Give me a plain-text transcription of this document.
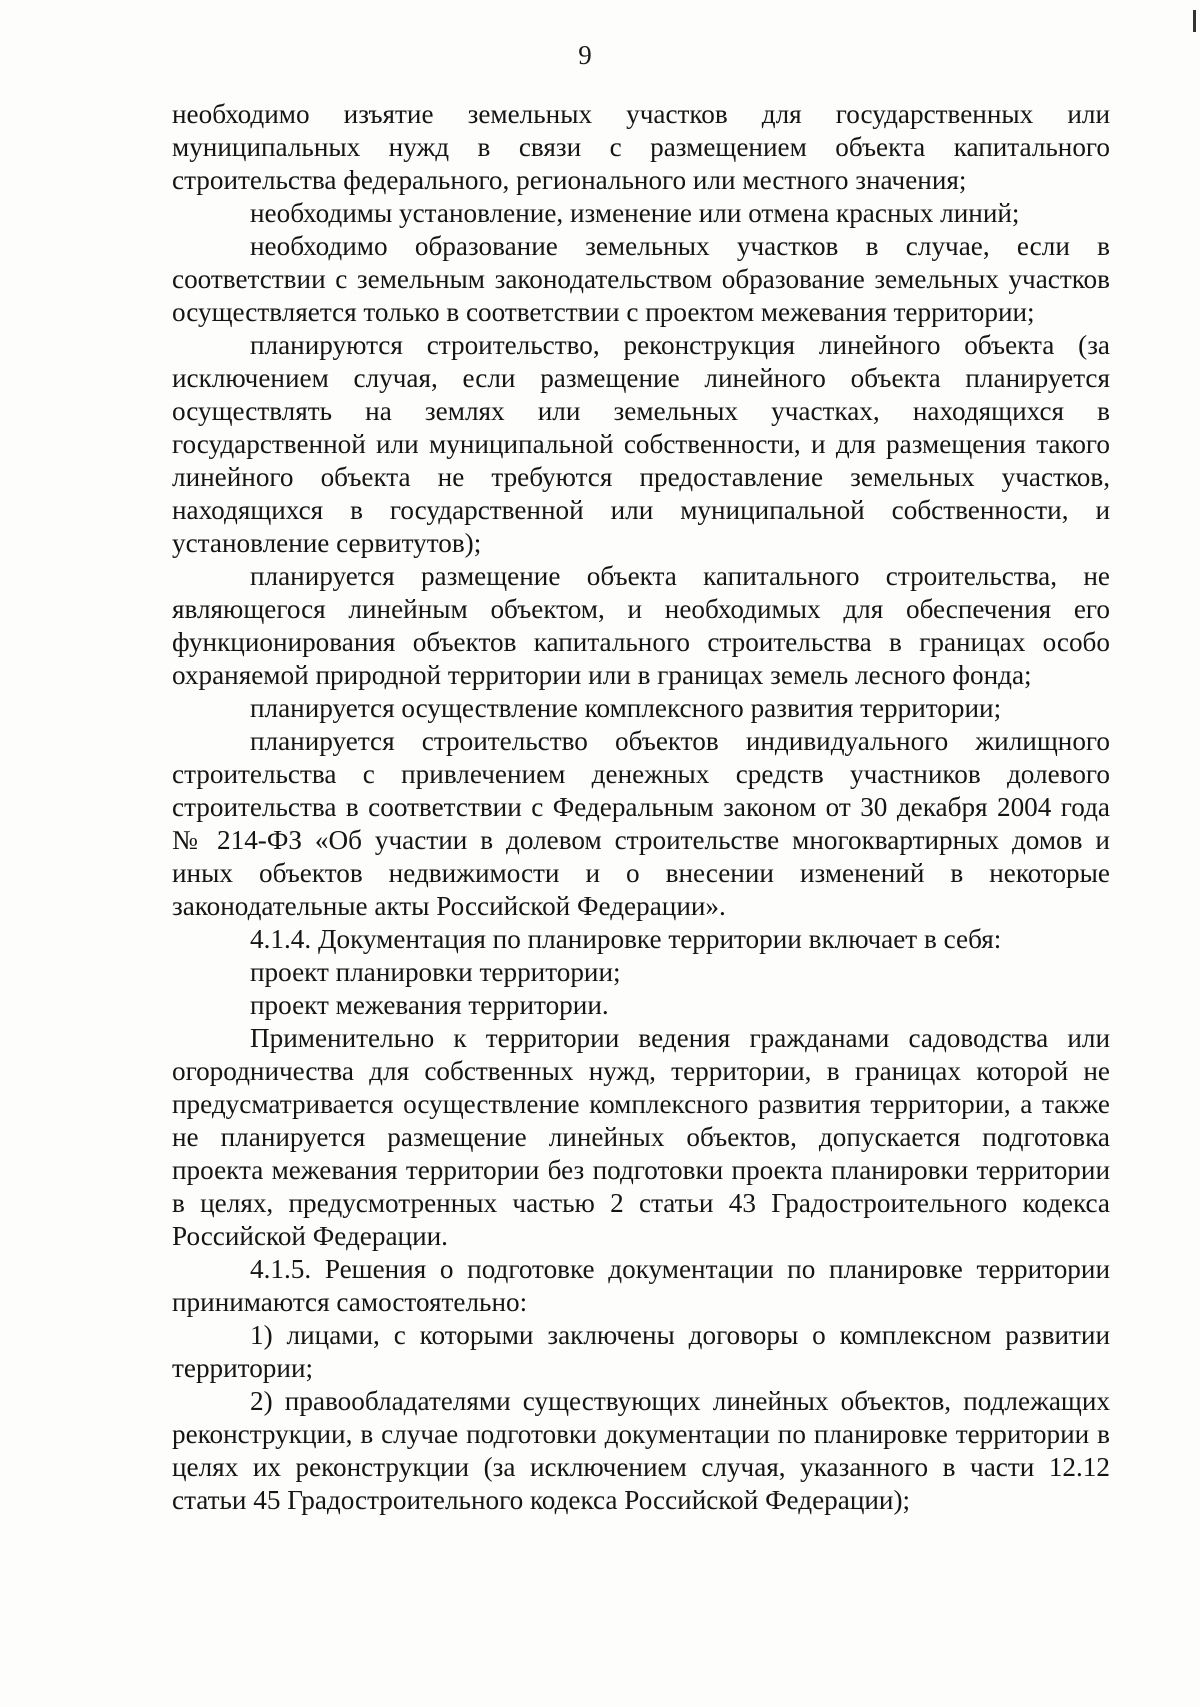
9

необходимо изъятие земельных участков для государственных или муниципальных нужд в связи с размещением объекта капитального строительства федерального, регионального или местного значения;

необходимы установление, изменение или отмена красных линий;

необходимо образование земельных участков в случае, если в соответствии с земельным законодательством образование земельных участков осуществляется только в соответствии с проектом межевания территории;

планируются строительство, реконструкция линейного объекта (за исключением случая, если размещение линейного объекта планируется осуществлять на землях или земельных участках, находящихся в государственной или муниципальной собственности, и для размещения такого линейного объекта не требуются предоставление земельных участков, находящихся в государственной или муниципальной собственности, и установление сервитутов);

планируется размещение объекта капитального строительства, не являющегося линейным объектом, и необходимых для обеспечения его функционирования объектов капитального строительства в границах особо охраняемой природной территории или в границах земель лесного фонда;

планируется осуществление комплексного развития территории;

планируется строительство объектов индивидуального жилищного строительства с привлечением денежных средств участников долевого строительства в соответствии с Федеральным законом от 30 декабря 2004 года № 214-ФЗ «Об участии в долевом строительстве многоквартирных домов и иных объектов недвижимости и о внесении изменений в некоторые законодательные акты Российской Федерации».

4.1.4. Документация по планировке территории включает в себя:

проект планировки территории;

проект межевания территории.

Применительно к территории ведения гражданами садоводства или огородничества для собственных нужд, территории, в границах которой не предусматривается осуществление комплексного развития территории, а также не планируется размещение линейных объектов, допускается подготовка проекта межевания территории без подготовки проекта планировки территории в целях, предусмотренных частью 2 статьи 43 Градостроительного кодекса Российской Федерации.

4.1.5. Решения о подготовке документации по планировке территории принимаются самостоятельно:

1) лицами, с которыми заключены договоры о комплексном развитии территории;

2) правообладателями существующих линейных объектов, подлежащих реконструкции, в случае подготовки документации по планировке территории в целях их реконструкции (за исключением случая, указанного в части 12.12 статьи 45 Градостроительного кодекса Российской Федерации);
